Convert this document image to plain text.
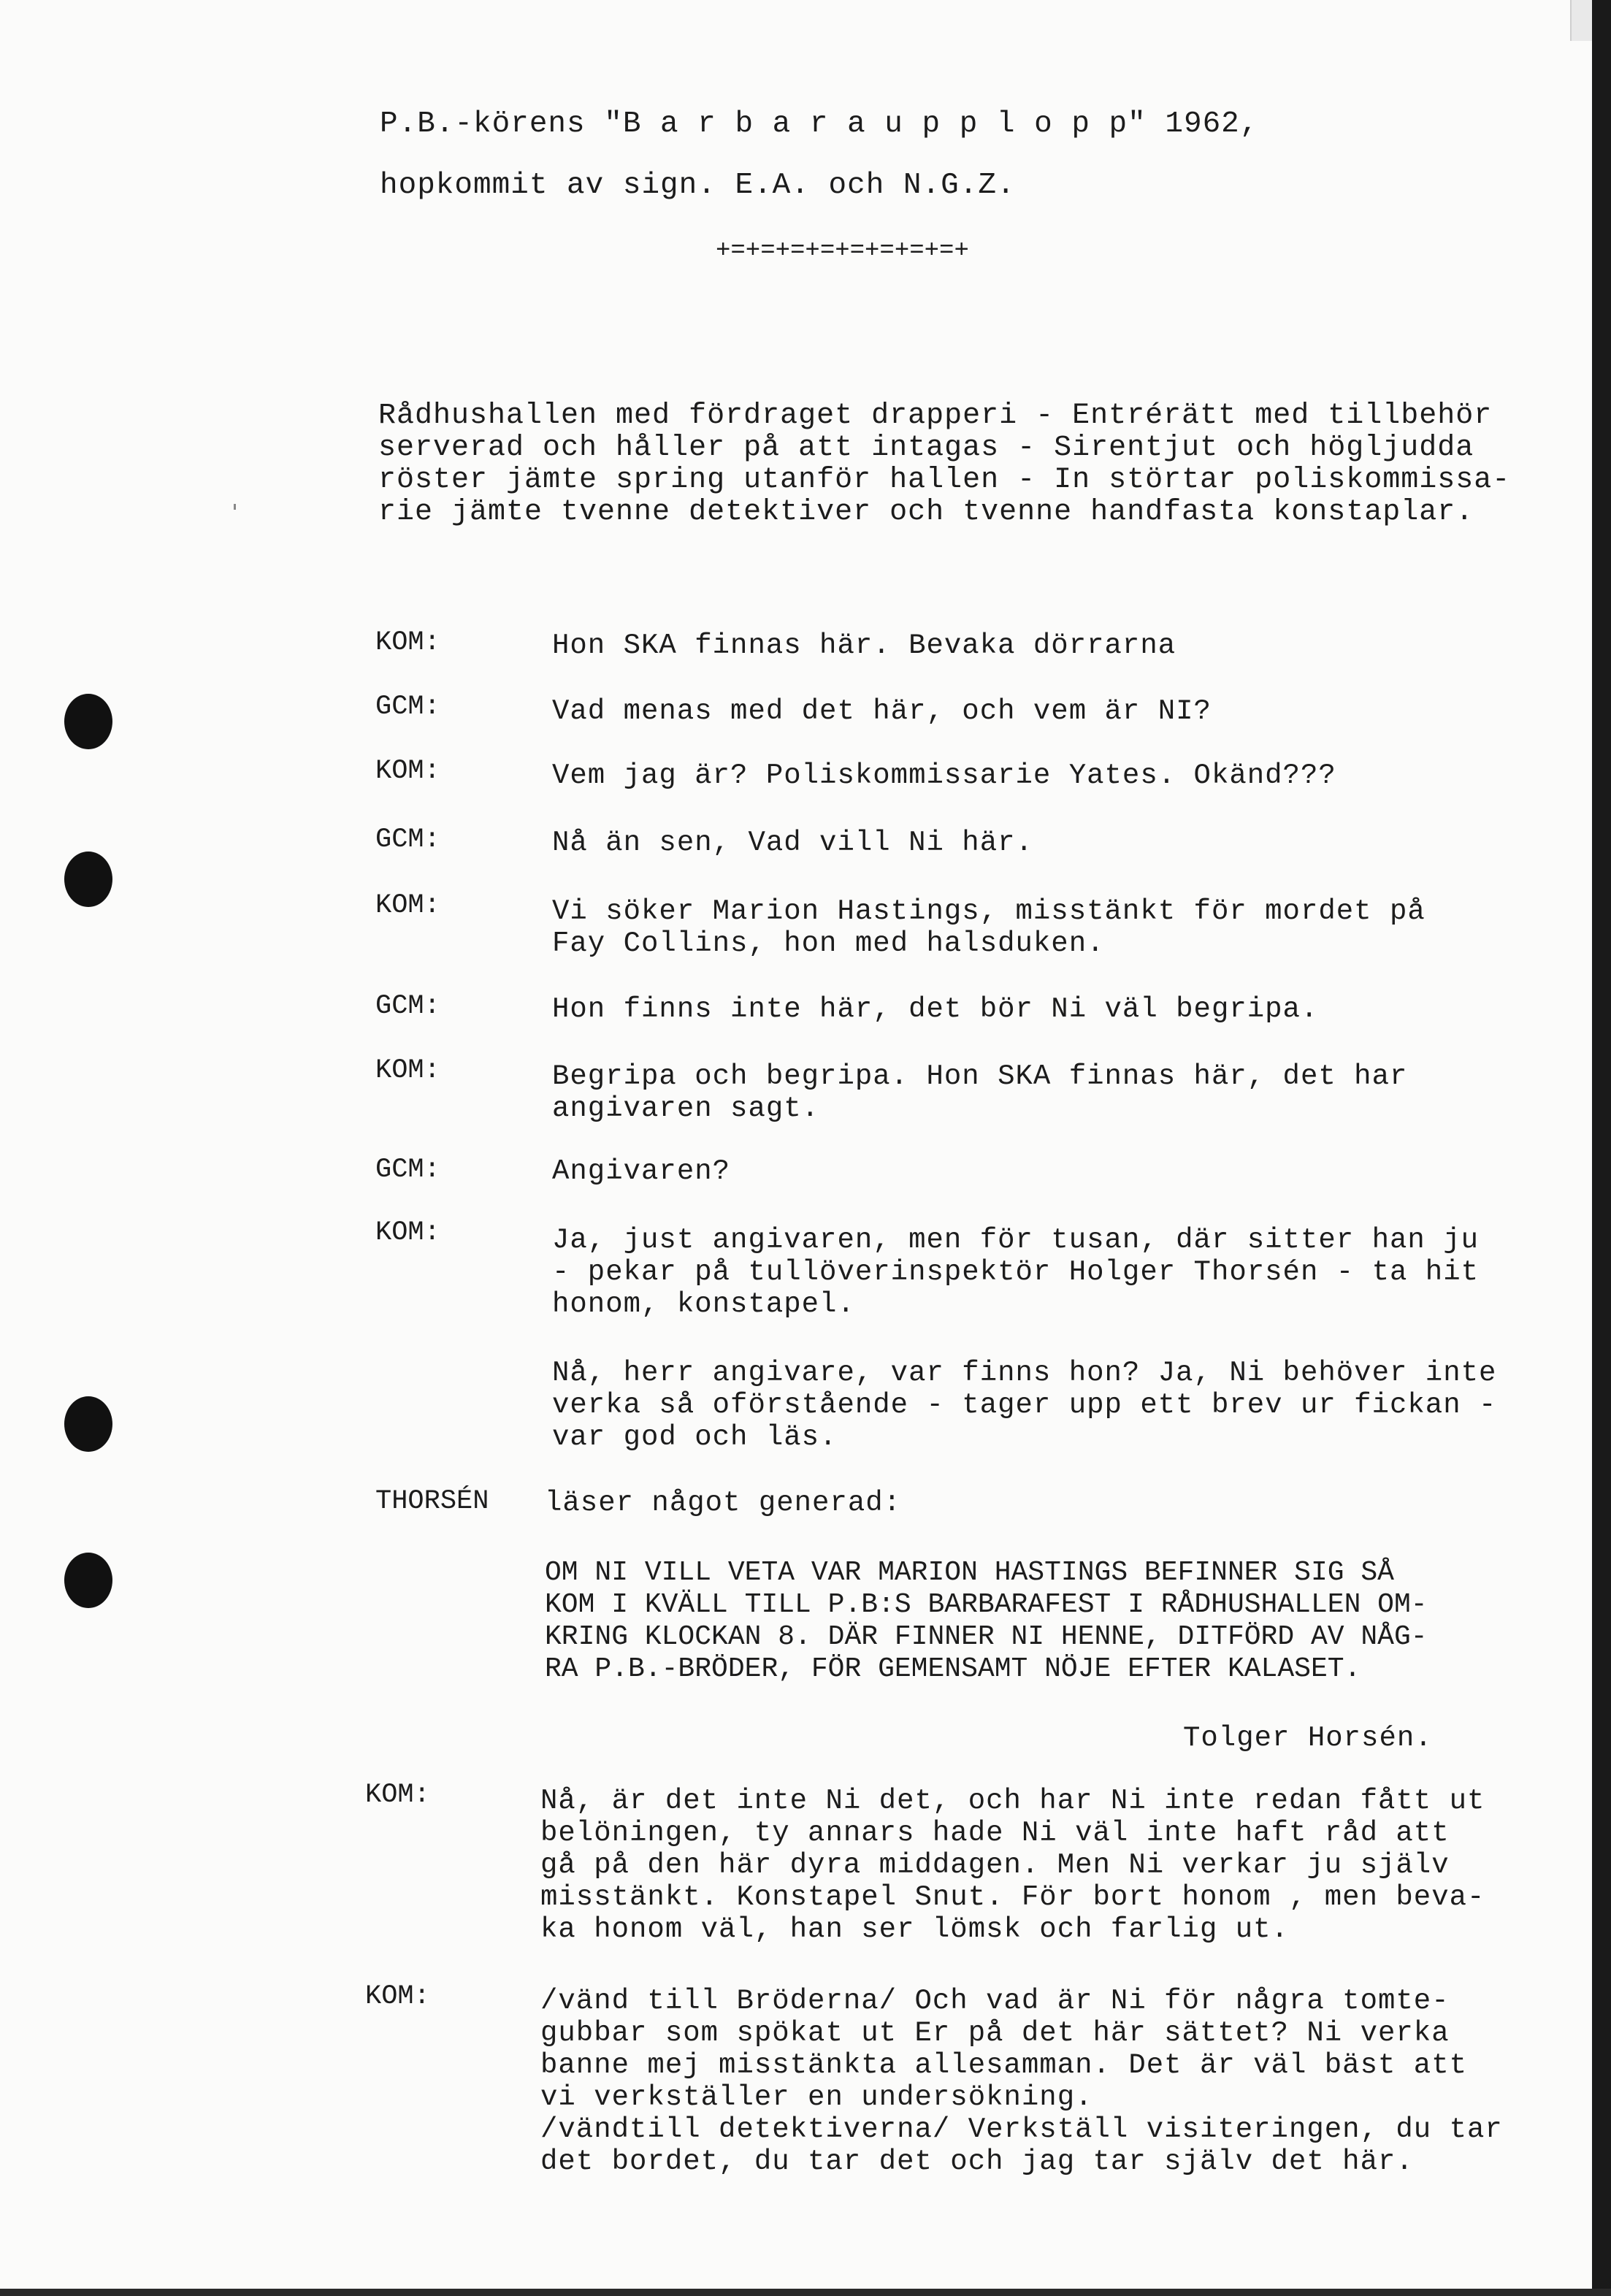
P.B.-körens "B a r b a r a u p p l o p p" 1962,
hopkommit av sign. E.A. och N.G.Z.
+=+=+=+=+=+=+=+=+
Rådhushallen med fördraget drapperi - Entrérätt med tillbehör
serverad och håller på att intagas - Sirentjut och högljudda
röster jämte spring utanför hallen - In störtar poliskommissa-
rie jämte tvenne detektiver och tvenne handfasta konstaplar.
KOM:	Hon SKA finnas här. Bevaka dörrarna
GCM:	Vad menas med det här, och vem är NI?
KOM:	Vem jag är? Poliskommissarie Yates. Okänd???
GCM:	Nå än sen, Vad vill Ni här.
KOM:	Vi söker Marion Hastings, misstänkt för mordet på
Fay Collins, hon med halsduken.
GCM:	Hon finns inte här, det bör Ni väl begripa.
KOM:	Begripa och begripa. Hon SKA finnas här, det har
angivaren sagt.
GCM:	Angivaren?
KOM:	Ja, just angivaren, men för tusan, där sitter han ju
- pekar på tullöverinspektör Holger Thorsén - ta hit
honom, konstapel.
Nå, herr angivare, var finns hon? Ja, Ni behöver inte
verka så oförstående - tager upp ett brev ur fickan -
var god och läs.
THORSÉN läser något generad:
OM NI VILL VETA VAR MARION HASTINGS BEFINNER SIG SÅ
KOM I KVÄLL TILL P.B:S BARBARAFEST I RÅDHUSHALLEN OM-
KRING KLOCKAN 8. DÄR FINNER NI HENNE, DITFÖRD AV NÅG-
RA P.B.-BRÖDER, FÖR GEMENSAMT NÖJE EFTER KALASET.
Tolger Horsén.
KOM:	Nå, är det inte Ni det, och har Ni inte redan fått ut
belöningen, ty annars hade Ni väl inte haft råd att
gå på den här dyra middagen. Men Ni verkar ju själv
misstänkt. Konstapel Snut. För bort honom , men beva-
ka honom väl, han ser lömsk och farlig ut.
KOM:	/vänd till Bröderna/ Och vad är Ni för några tomte-
gubbar som spökat ut Er på det här sättet? Ni verka
banne mej misstänkta allesamman. Det är väl bäst att
vi verkställer en undersökning.
/vändtill detektiverna/ Verkställ visiteringen, du tar
det bordet, du tar det och jag tar själv det här.
